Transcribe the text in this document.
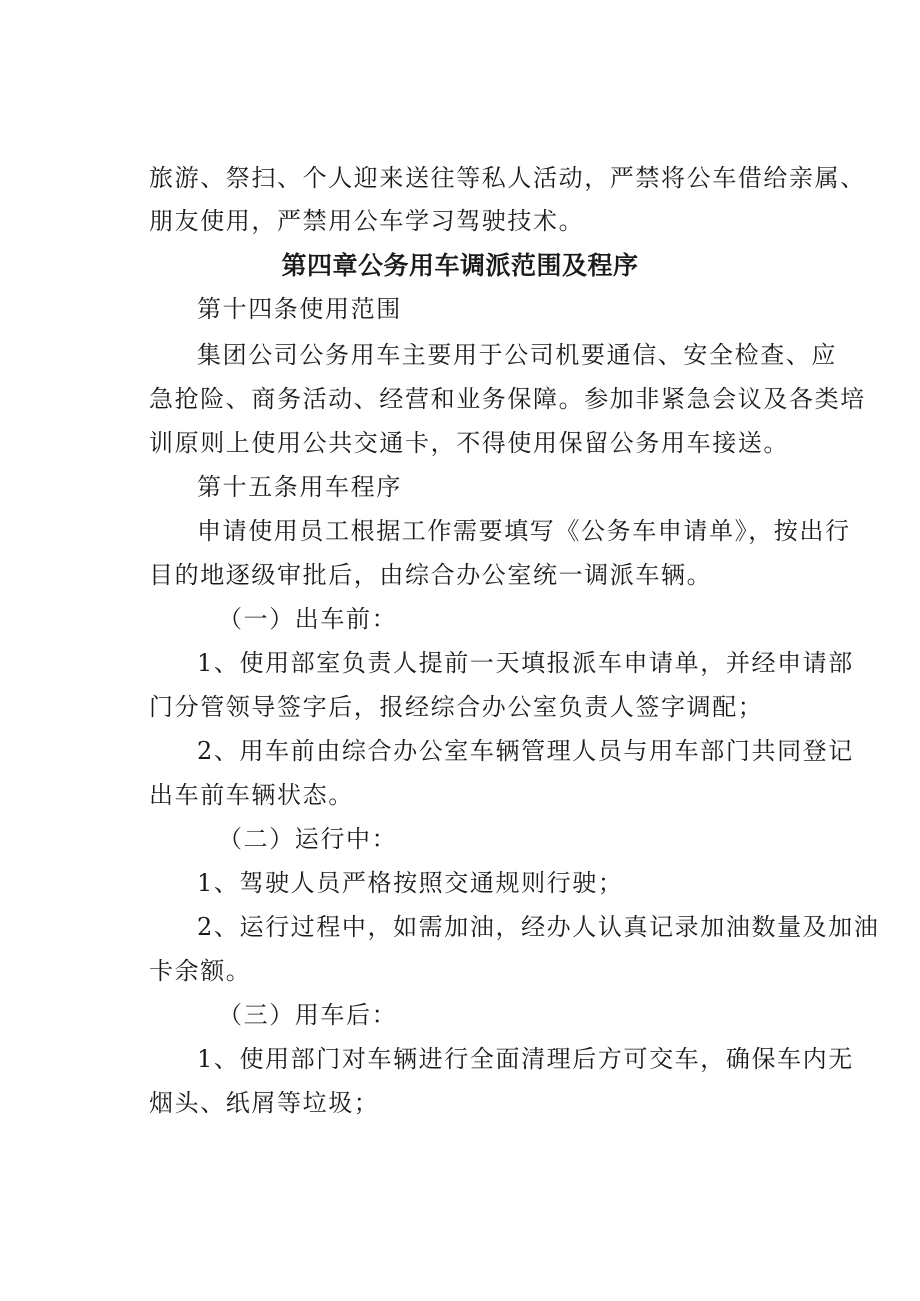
旅游、祭扫、个人迎来送往等私人活动，严禁将公车借给亲属、
朋友使用，严禁用公车学习驾驶技术。
第四章公务用车调派范围及程序
第十四条使用范围
集团公司公务用车主要用于公司机要通信、安全检查、应
急抢险、商务活动、经营和业务保障。参加非紧急会议及各类培
训原则上使用公共交通卡，不得使用保留公务用车接送。
第十五条用车程序
申请使用员工根据工作需要填写《公务车申请单》，按出行
目的地逐级审批后，由综合办公室统一调派车辆。
（一）出车前：
1、使用部室负责人提前一天填报派车申请单，并经申请部
门分管领导签字后，报经综合办公室负责人签字调配；
2、用车前由综合办公室车辆管理人员与用车部门共同登记
出车前车辆状态。
（二）运行中：
1、驾驶人员严格按照交通规则行驶；
2、运行过程中，如需加油，经办人认真记录加油数量及加油
卡余额。
（三）用车后：
1、使用部门对车辆进行全面清理后方可交车，确保车内无
烟头、纸屑等垃圾；
